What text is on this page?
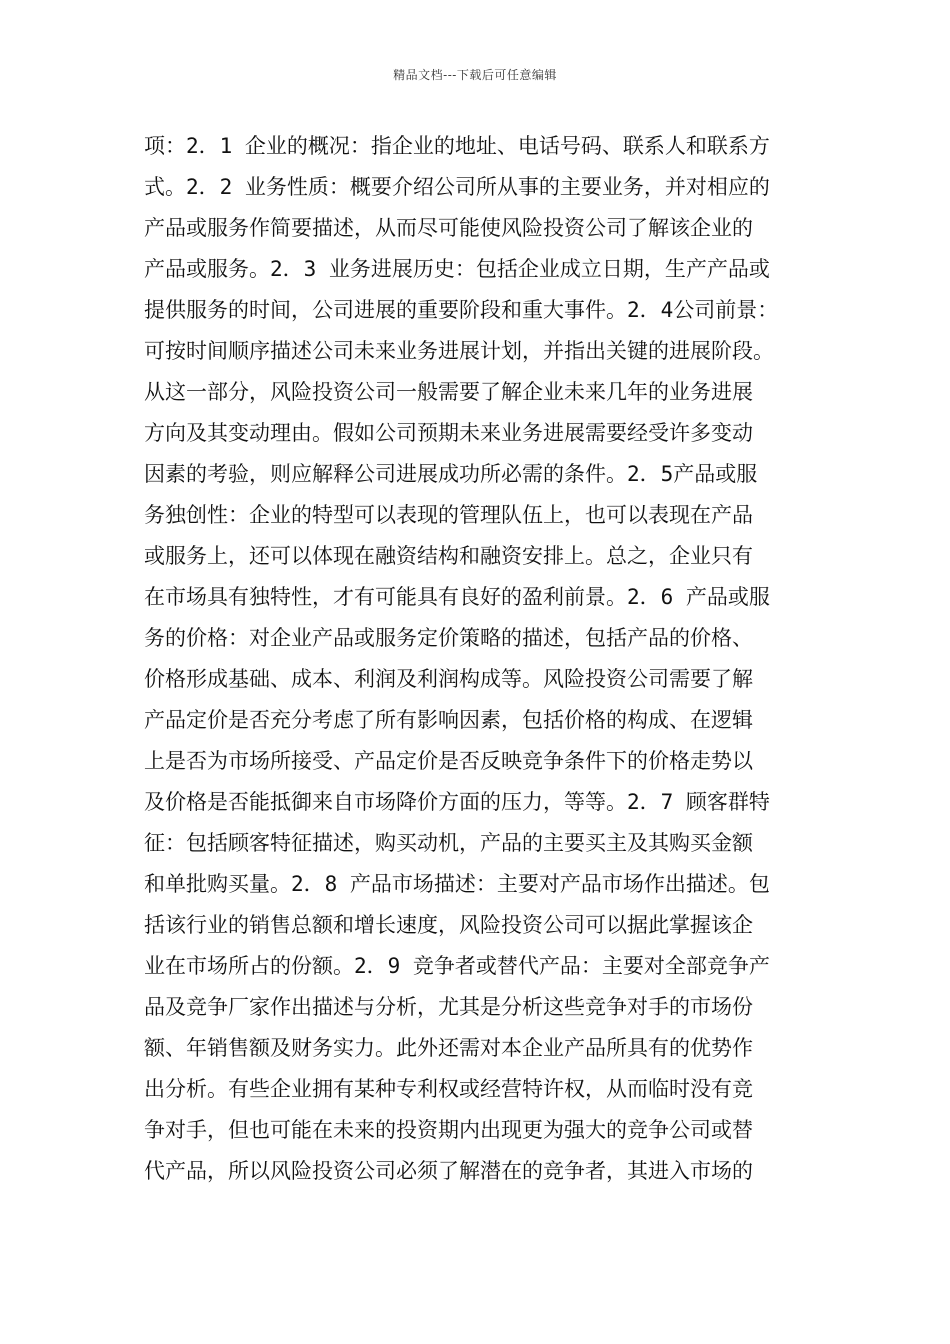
精品文档---下载后可任意编辑
项：2．1 企业的概况：指企业的地址、电话号码、联系人和联系方
式。2．2 业务性质：概要介绍公司所从事的主要业务，并对相应的
产品或服务作简要描述，从而尽可能使风险投资公司了解该企业的
产品或服务。2．3 业务进展历史：包括企业成立日期，生产产品或
提供服务的时间，公司进展的重要阶段和重大事件。2．4公司前景：
可按时间顺序描述公司未来业务进展计划，并指出关键的进展阶段。
从这一部分，风险投资公司一般需要了解企业未来几年的业务进展
方向及其变动理由。假如公司预期未来业务进展需要经受许多变动
因素的考验，则应解释公司进展成功所必需的条件。2．5产品或服
务独创性：企业的特型可以表现的管理队伍上，也可以表现在产品
或服务上，还可以体现在融资结构和融资安排上。总之，企业只有
在市场具有独特性，才有可能具有良好的盈利前景。2．6 产品或服
务的价格：对企业产品或服务定价策略的描述，包括产品的价格、
价格形成基础、成本、利润及利润构成等。风险投资公司需要了解
产品定价是否充分考虑了所有影响因素，包括价格的构成、在逻辑
上是否为市场所接受、产品定价是否反映竞争条件下的价格走势以
及价格是否能抵御来自市场降价方面的压力，等等。2．7 顾客群特
征：包括顾客特征描述，购买动机，产品的主要买主及其购买金额
和单批购买量。2．8 产品市场描述：主要对产品市场作出描述。包
括该行业的销售总额和增长速度，风险投资公司可以据此掌握该企
业在市场所占的份额。2．9 竞争者或替代产品：主要对全部竞争产
品及竞争厂家作出描述与分析，尤其是分析这些竞争对手的市场份
额、年销售额及财务实力。此外还需对本企业产品所具有的优势作
出分析。有些企业拥有某种专利权或经营特许权，从而临时没有竞
争对手，但也可能在未来的投资期内出现更为强大的竞争公司或替
代产品，所以风险投资公司必须了解潜在的竞争者，其进入市场的
